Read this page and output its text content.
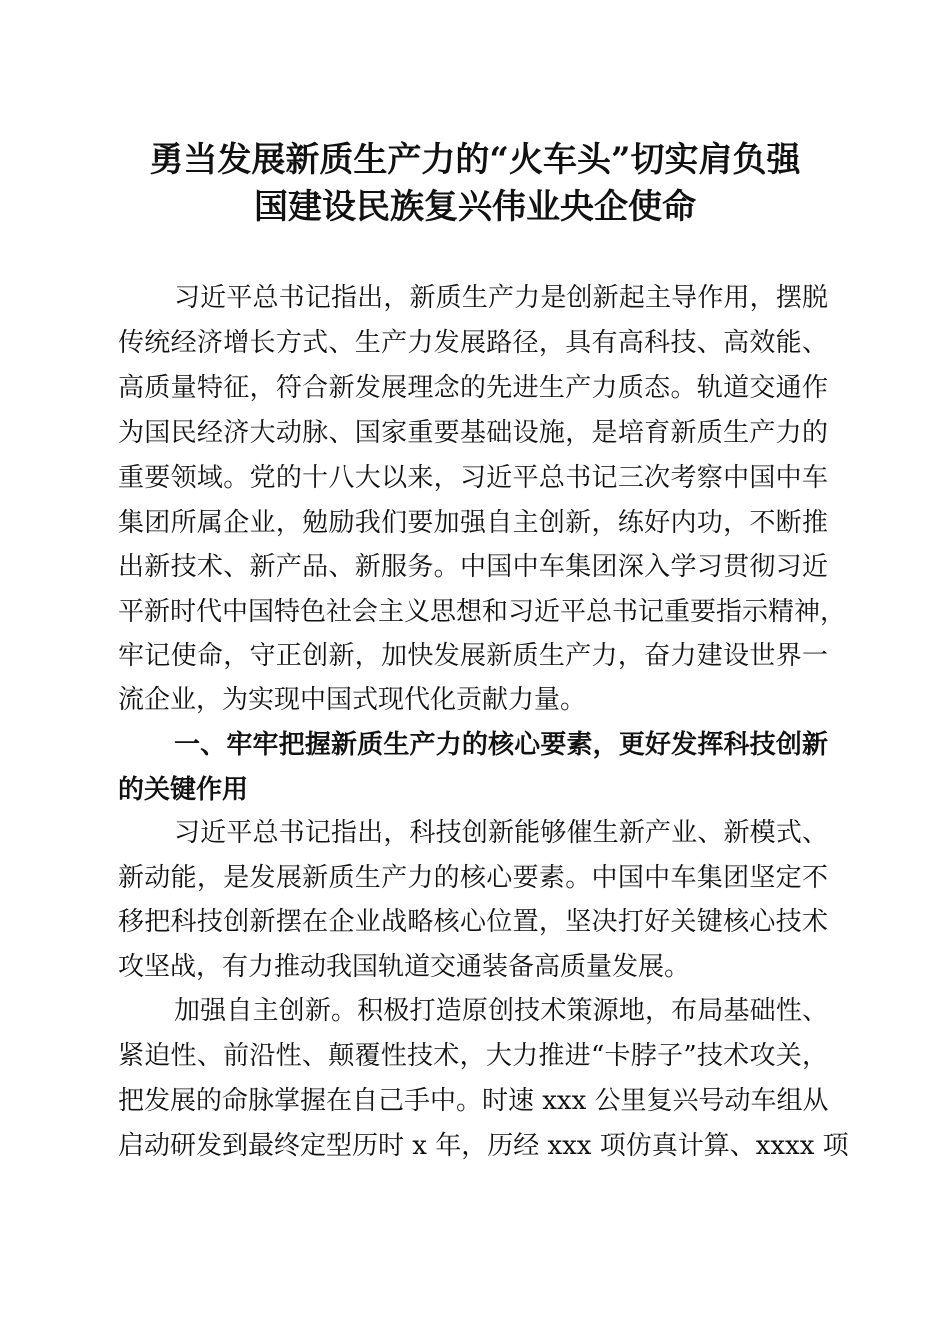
勇当发展新质生产力的“火车头”切实肩负强
国建设民族复兴伟业央企使命
习近平总书记指出，新质生产力是创新起主导作用，摆脱
传统经济增长方式、生产力发展路径，具有高科技、高效能、
高质量特征，符合新发展理念的先进生产力质态。轨道交通作
为国民经济大动脉、国家重要基础设施，是培育新质生产力的
重要领域。党的十八大以来，习近平总书记三次考察中国中车
集团所属企业，勉励我们要加强自主创新，练好内功，不断推
出新技术、新产品、新服务。中国中车集团深入学习贯彻习近
平新时代中国特色社会主义思想和习近平总书记重要指示精神，
牢记使命，守正创新，加快发展新质生产力，奋力建设世界一
流企业，为实现中国式现代化贡献力量。
一、牢牢把握新质生产力的核心要素，更好发挥科技创新
的关键作用
习近平总书记指出，科技创新能够催生新产业、新模式、
新动能，是发展新质生产力的核心要素。中国中车集团坚定不
移把科技创新摆在企业战略核心位置，坚决打好关键核心技术
攻坚战，有力推动我国轨道交通装备高质量发展。
加强自主创新。积极打造原创技术策源地，布局基础性、
紧迫性、前沿性、颠覆性技术，大力推进“卡脖子”技术攻关，
把发展的命脉掌握在自己手中。时速 xxx 公里复兴号动车组从
启动研发到最终定型历时 x 年，历经 xxx 项仿真计算、xxxx 项
